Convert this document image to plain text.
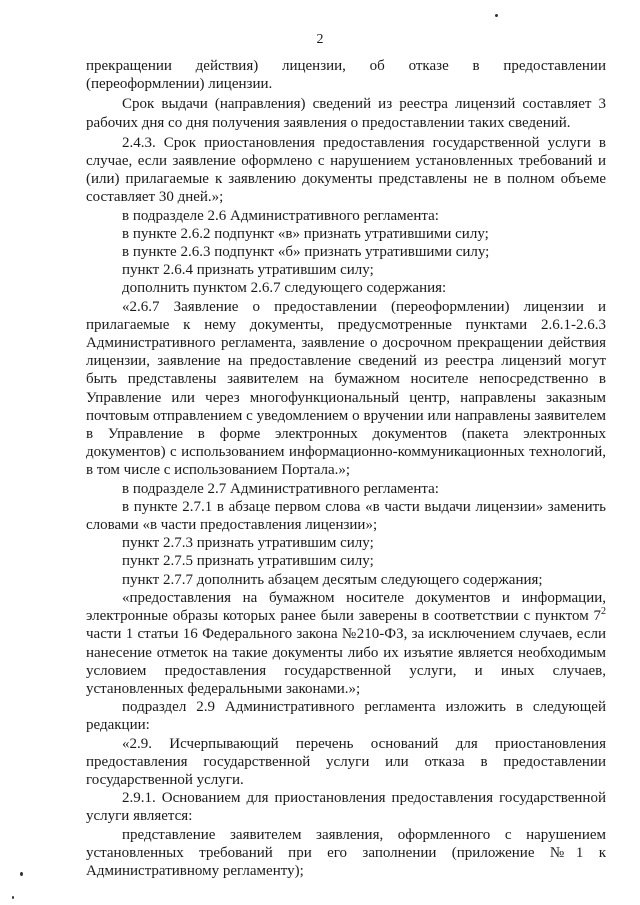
2

прекращении действия) лицензии, об отказе в предоставлении (переоформлении) лицензии.

Срок выдачи (направления) сведений из реестра лицензий составляет 3 рабочих дня со дня получения заявления о предоставлении таких сведений.

2.4.3. Срок приостановления предоставления государственной услуги в случае, если заявление оформлено с нарушением установленных требований и (или) прилагаемые к заявлению документы представлены не в полном объеме составляет 30 дней.»;

в подразделе 2.6 Административного регламента:

в пункте 2.6.2 подпункт «в» признать утратившими силу;

в пункте 2.6.3 подпункт «б» признать утратившими силу;

пункт 2.6.4 признать утратившим силу;

дополнить пунктом 2.6.7 следующего содержания:

«2.6.7 Заявление о предоставлении (переоформлении) лицензии и прилагаемые к нему документы, предусмотренные пунктами 2.6.1-2.6.3 Административного регламента, заявление о досрочном прекращении действия лицензии, заявление на предоставление сведений из реестра лицензий могут быть представлены заявителем на бумажном носителе непосредственно в Управление или через многофункциональный центр, направлены заказным почтовым отправлением с уведомлением о вручении или направлены заявителем в Управление в форме электронных документов (пакета электронных документов) с использованием информационно-коммуникационных технологий, в том числе с использованием Портала.»;

в подразделе 2.7 Административного регламента:

в пункте 2.7.1 в абзаце первом слова «в части выдачи лицензии» заменить словами «в части предоставления лицензии»;

пункт 2.7.3 признать утратившим силу;

пункт 2.7.5 признать утратившим силу;

пункт 2.7.7 дополнить абзацем десятым следующего содержания;

«предоставления на бумажном носителе документов и информации, электронные образы которых ранее были заверены в соответствии с пунктом $7^2$ части 1 статьи 16 Федерального закона №210-ФЗ, за исключением случаев, если нанесение отметок на такие документы либо их изъятие является необходимым условием предоставления государственной услуги, и иных случаев, установленных федеральными законами.»;

подраздел 2.9 Административного регламента изложить в следующей редакции:

«2.9. Исчерпывающий перечень оснований для приостановления предоставления государственной услуги или отказа в предоставлении государственной услуги.

2.9.1. Основанием для приостановления предоставления государственной услуги является:

представление заявителем заявления, оформленного с нарушением установленных требований при его заполнении (приложение №1 к Административному регламенту);
